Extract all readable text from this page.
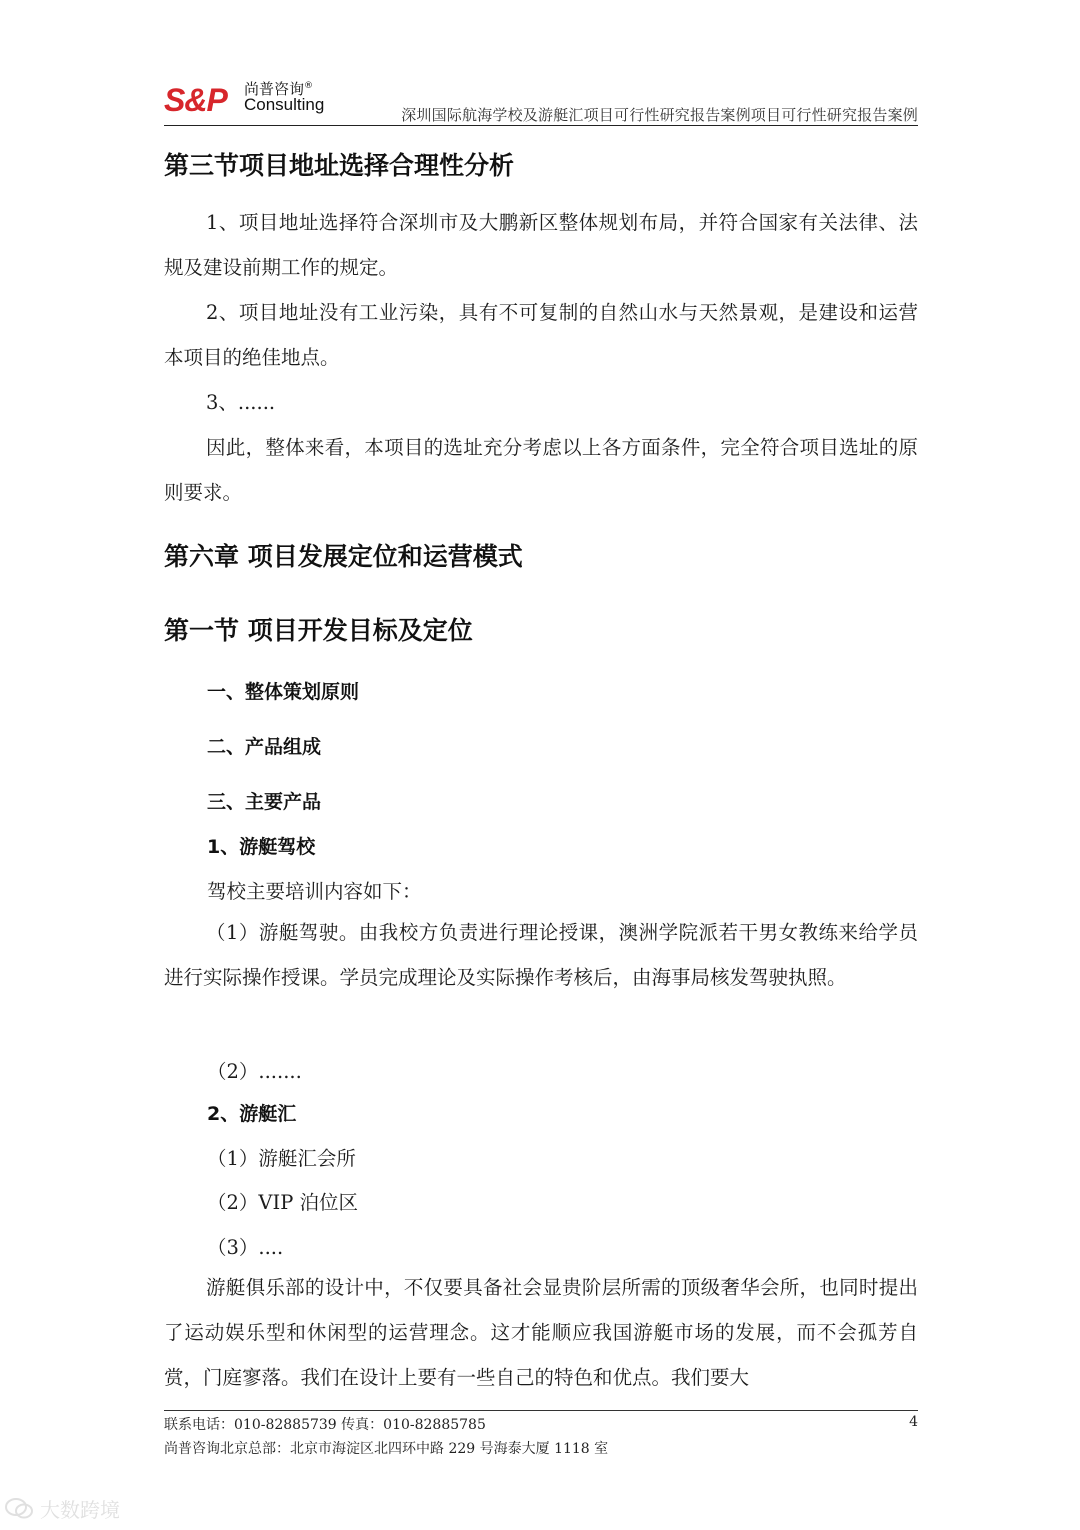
S&P 尚普咨询®
Consulting
深圳国际航海学校及游艇汇项目可行性研究报告案例项目可行性研究报告案例
第三节项目地址选择合理性分析

1、项目地址选择符合深圳市及大鹏新区整体规划布局，并符合国家有关法律、法规及建设前期工作的规定。

2、项目地址没有工业污染，具有不可复制的自然山水与天然景观，是建设和运营本项目的绝佳地点。

3、......

因此，整体来看，本项目的选址充分考虑以上各方面条件，完全符合项目选址的原则要求。

第六章 项目发展定位和运营模式
第一节 项目开发目标及定位
一、整体策划原则
二、产品组成
三、主要产品
1、游艇驾校
驾校主要培训内容如下：

（1）游艇驾驶。由我校方负责进行理论授课，澳洲学院派若干男女教练来给学员进行实际操作授课。学员完成理论及实际操作考核后，由海事局核发驾驶执照。

（2）.......
2、游艇汇
（1）游艇汇会所
（2）VIP 泊位区
（3）....

游艇俱乐部的设计中，不仅要具备社会显贵阶层所需的顶级奢华会所，也同时提出了运动娱乐型和休闲型的运营理念。这才能顺应我国游艇市场的发展，而不会孤芳自赏，门庭寥落。我们在设计上要有一些自己的特色和优点。我们要大

联系电话：010-82885739 传真：010-82885785	4
尚普咨询北京总部：北京市海淀区北四环中路 229 号海泰大厦 1118 室
大数跨境
